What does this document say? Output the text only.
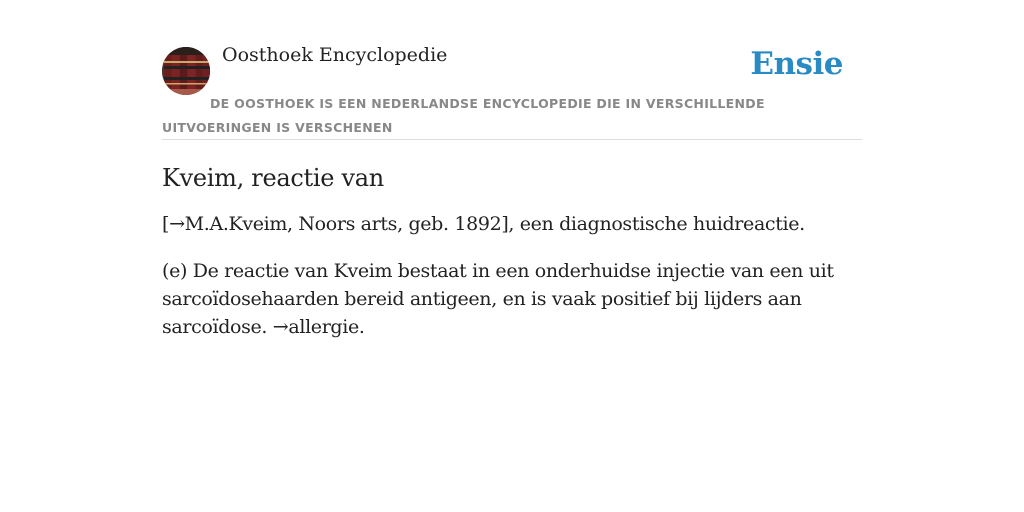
Oosthoek Encyclopedie	Ensie

DE OOSTHOEK IS EEN NEDERLANDSE ENCYCLOPEDIE DIE IN VERSCHILLENDE UITVOERINGEN IS VERSCHENEN

Kveim, reactie van

[→M.A.Kveim, Noors arts, geb. 1892], een diagnostische huidreactie.

(e) De reactie van Kveim bestaat in een onderhuidse injectie van een uit sarcoïdosehaarden bereid antigeen, en is vaak positief bij lijders aan sarcoïdose. →allergie.
